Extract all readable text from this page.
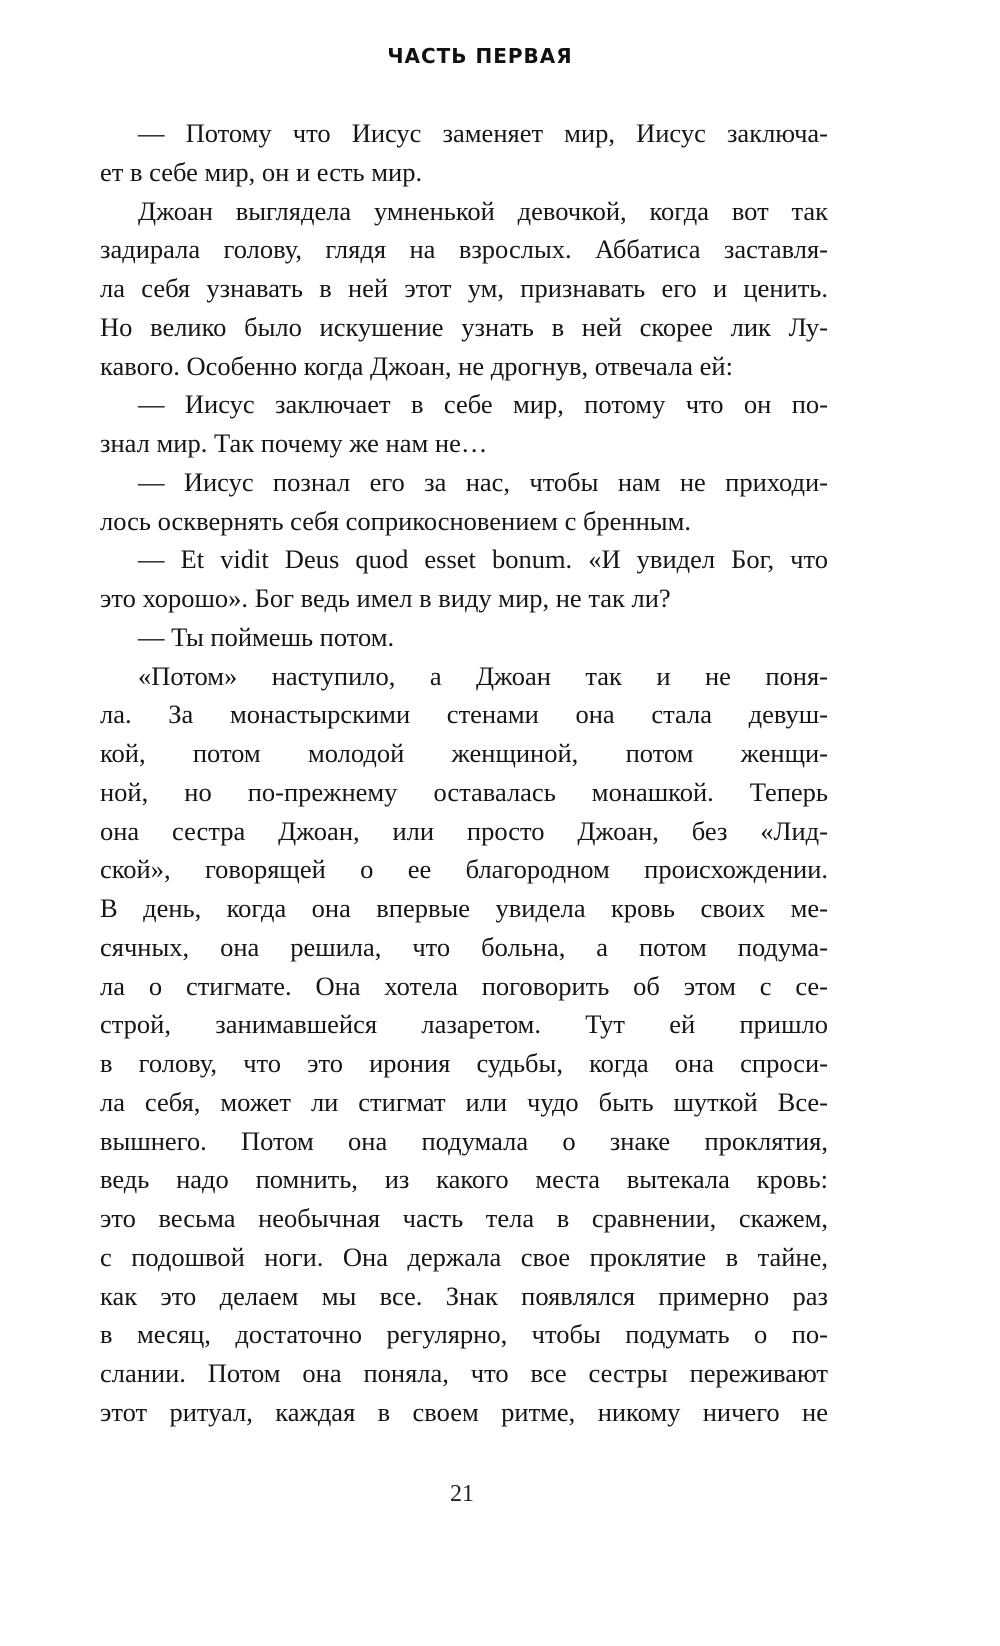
ЧАСТЬ ПЕРВАЯ
— Потому что Иисус заменяет мир, Иисус заключа-
ет в себе мир, он и есть мир.
Джоан выглядела умненькой девочкой, когда вот так
задирала голову, глядя на взрослых. Аббатиса заставля-
ла себя узнавать в ней этот ум, признавать его и ценить.
Но велико было искушение узнать в ней скорее лик Лу-
кавого. Особенно когда Джоан, не дрогнув, отвечала ей:
— Иисус заключает в себе мир, потому что он по-
знал мир. Так почему же нам не…
— Иисус познал его за нас, чтобы нам не приходи-
лось осквернять себя соприкосновением с бренным.
— Et vidit Deus quod esset bonum. «И увидел Бог, что
это хорошо». Бог ведь имел в виду мир, не так ли?
— Ты поймешь потом.
«Потом» наступило, а Джоан так и не поня-
ла. За монастырскими стенами она стала девуш-
кой, потом молодой женщиной, потом женщи-
ной, но по-прежнему оставалась монашкой. Теперь
она сестра Джоан, или просто Джоан, без «Лид-
ской», говорящей о ее благородном происхождении.
В день, когда она впервые увидела кровь своих ме-
сячных, она решила, что больна, а потом подума-
ла о стигмате. Она хотела поговорить об этом с се-
строй, занимавшейся лазаретом. Тут ей пришло
в голову, что это ирония судьбы, когда она спроси-
ла себя, может ли стигмат или чудо быть шуткой Все-
вышнего. Потом она подумала о знаке проклятия,
ведь надо помнить, из какого места вытекала кровь:
это весьма необычная часть тела в сравнении, скажем,
с подошвой ноги. Она держала свое проклятие в тайне,
как это делаем мы все. Знак появлялся примерно раз
в месяц, достаточно регулярно, чтобы подумать о по-
слании. Потом она поняла, что все сестры переживают
этот ритуал, каждая в своем ритме, никому ничего не
21
